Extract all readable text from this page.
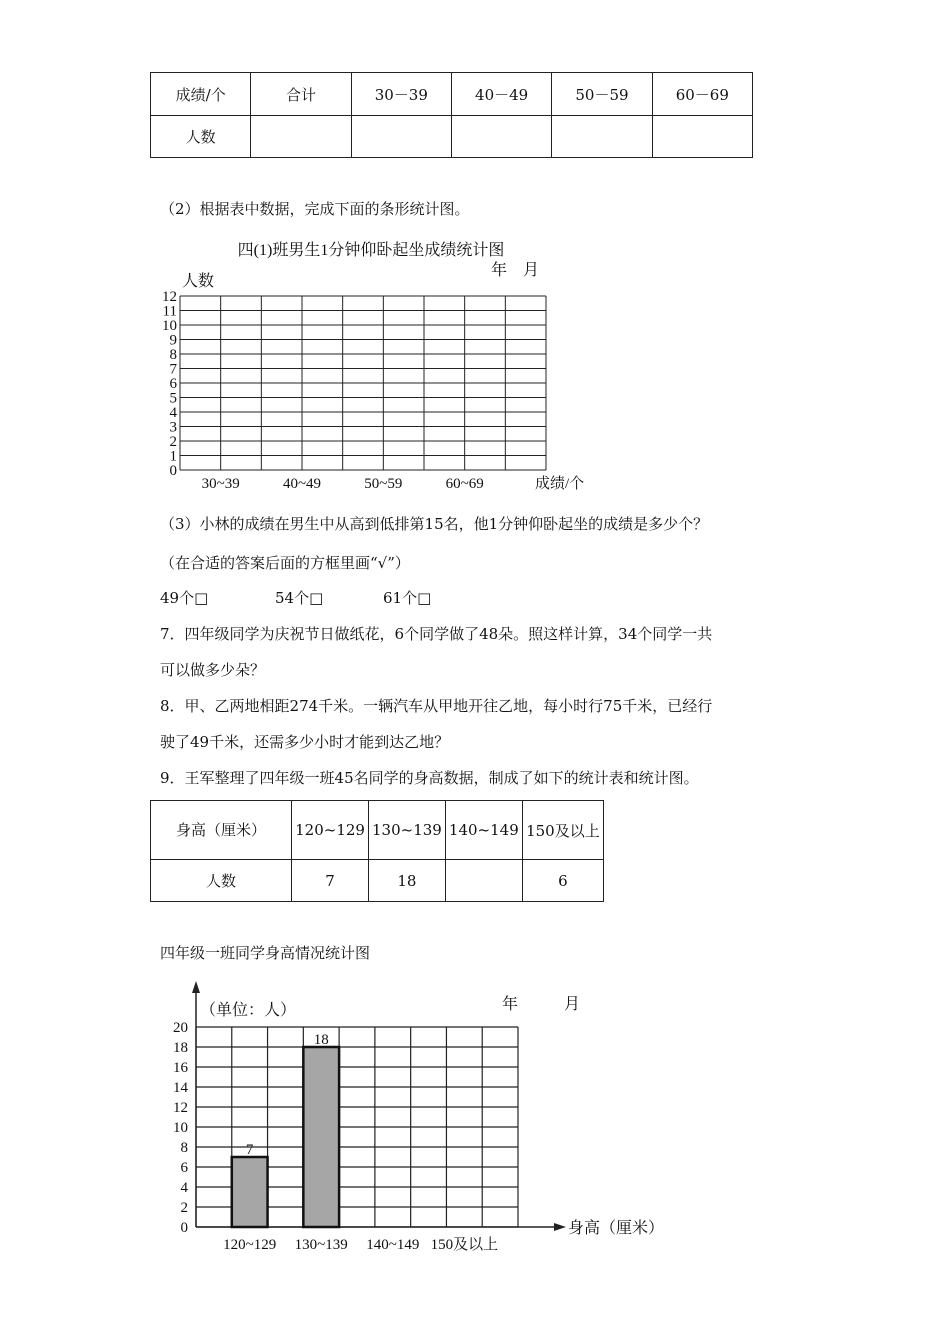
成绩/个	合计	30－39	40－49	50－59	60－69
人数					
（2）根据表中数据，完成下面的条形统计图。
四(1)班男生1分钟仰卧起坐成绩统计图
年　月
人数
0
1
2
3
4
5
6
7
8
9
10
11
12
30~39	40~49	50~59	60~69	成绩/个
（3）小林的成绩在男生中从高到低排第15名，他1分钟仰卧起坐的成绩是多少个？
（在合适的答案后面的方框里画“√”）
49个□	54个□	61个□
7．四年级同学为庆祝节日做纸花，6个同学做了48朵。照这样计算，34个同学一共
可以做多少朵？
8．甲、乙两地相距274千米。一辆汽车从甲地开往乙地，每小时行75千米，已经行
驶了49千米，还需多少小时才能到达乙地？
9．王军整理了四年级一班45名同学的身高数据，制成了如下的统计表和统计图。
身高（厘米）	120~129	130~139	140~149	150及以上
人数	7	18		6
四年级一班同学身高情况统计图
（单位：人）	年	月
身高（厘米）
0
2
4
6
8
10
12
14
16
18
20
120~129
7
130~139
18
140~149 150及以上
